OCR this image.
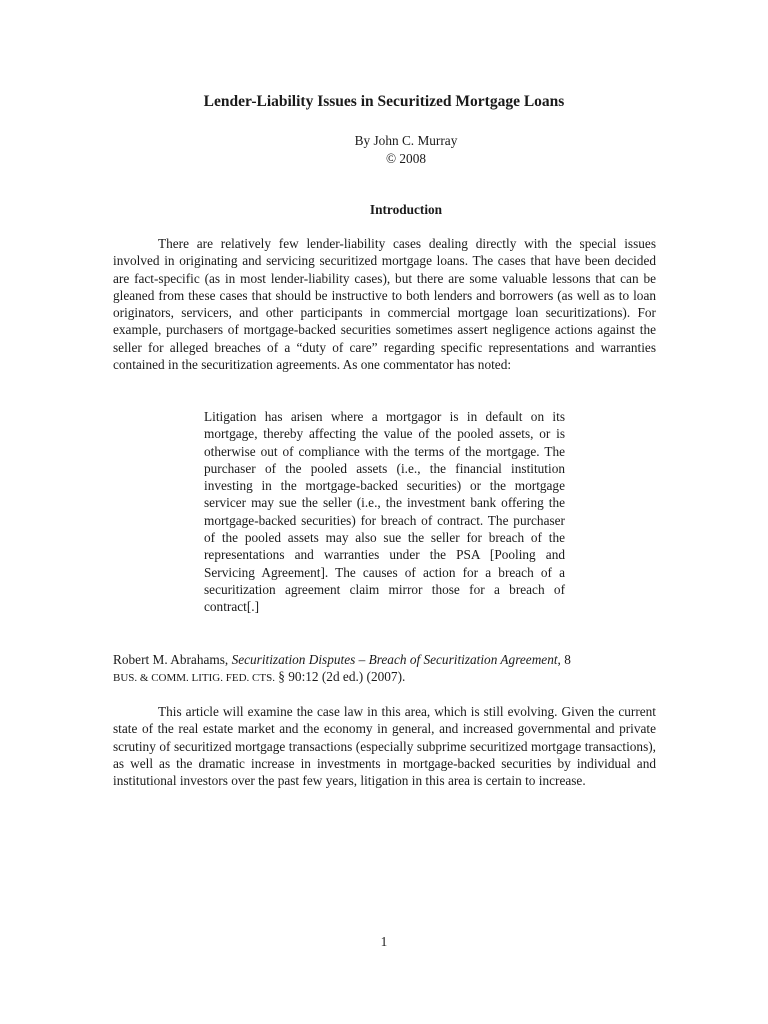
Lender-Liability Issues in Securitized Mortgage Loans
By John C. Murray
© 2008
Introduction

There are relatively few lender-liability cases dealing directly with the special issues involved in originating and servicing securitized mortgage loans. The cases that have been decided are fact-specific (as in most lender-liability cases), but there are some valuable lessons that can be gleaned from these cases that should be instructive to both lenders and borrowers (as well as to loan originators, servicers, and other participants in commercial mortgage loan securitizations). For example, purchasers of mortgage-backed securities sometimes assert negligence actions against the seller for alleged breaches of a “duty of care” regarding specific representations and warranties contained in the securitization agreements. As one commentator has noted:

Litigation has arisen where a mortgagor is in default on its mortgage, thereby affecting the value of the pooled assets, or is otherwise out of compliance with the terms of the mortgage. The purchaser of the pooled assets (i.e., the financial institution investing in the mortgage-backed securities) or the mortgage servicer may sue the seller (i.e., the investment bank offering the mortgage-backed securities) for breach of contract. The purchaser of the pooled assets may also sue the seller for breach of the representations and warranties under the PSA [Pooling and Servicing Agreement]. The causes of action for a breach of a securitization agreement claim mirror those for a breach of contract[.]

Robert M. Abrahams, Securitization Disputes – Breach of Securitization Agreement, 8
BUS. & COMM. LITIG. FED. CTS. § 90:12 (2d ed.) (2007).

This article will examine the case law in this area, which is still evolving. Given the current state of the real estate market and the economy in general, and increased governmental and private scrutiny of securitized mortgage transactions (especially subprime securitized mortgage transactions), as well as the dramatic increase in investments in mortgage-backed securities by individual and institutional investors over the past few years, litigation in this area is certain to increase.

1
